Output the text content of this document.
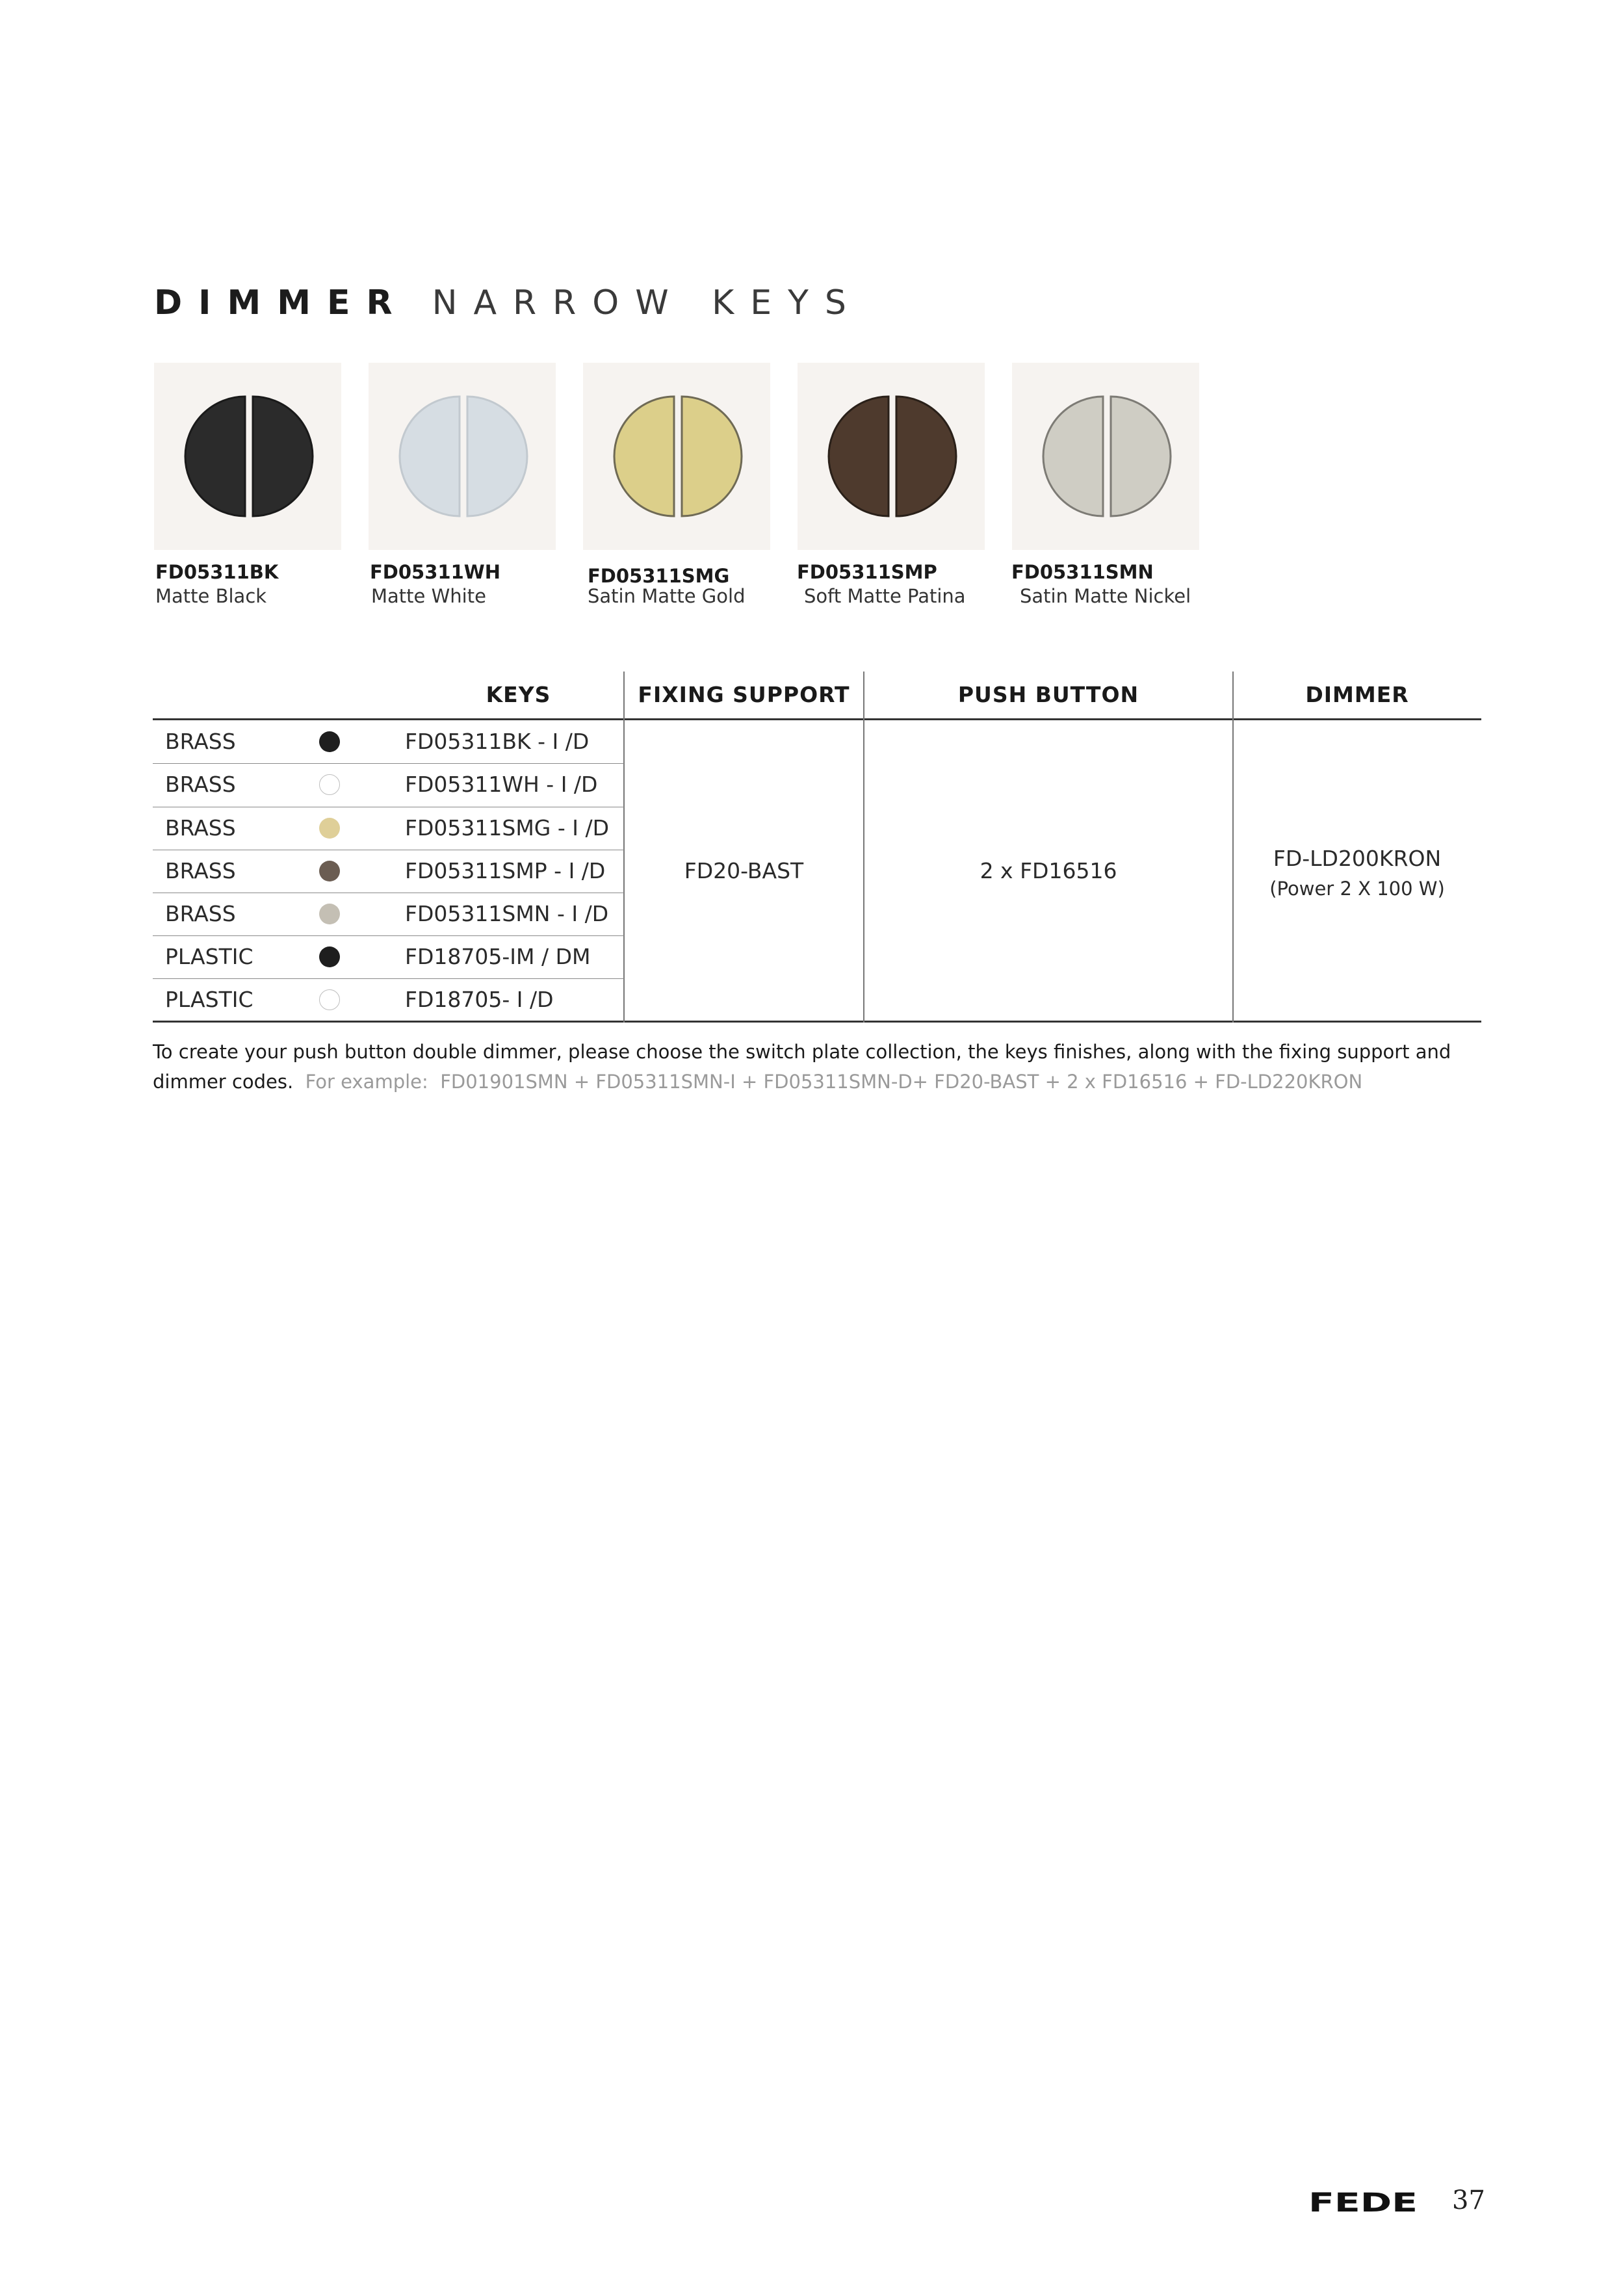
DIMMER NARROW KEYS
FD05311BK
Matte Black
FD05311WH
Matte White
FD05311SMG
Satin Matte Gold
FD05311SMP
Soft Matte Patina
FD05311SMN
Satin Matte Nickel
KEYS	FIXING SUPPORT	PUSH BUTTON	DIMMER
BRASS	FD05311BK - I /D
BRASS	FD05311WH - I /D
BRASS	FD05311SMG - I /D
BRASS	FD05311SMP - I /D
BRASS	FD05311SMN - I /D
PLASTIC	FD18705-IM / DM
PLASTIC	FD18705- I /D
FD20-BAST	2 x FD16516	FD-LD200KRON
(Power 2 X 100 W)
To create your push button double dimmer, please choose the switch plate collection, the keys finishes, along with the fixing support and dimmer codes. For example: FD01901SMN + FD05311SMN-I + FD05311SMN-D+ FD20-BAST + 2 x FD16516 + FD-LD220KRON
FEDE 37
